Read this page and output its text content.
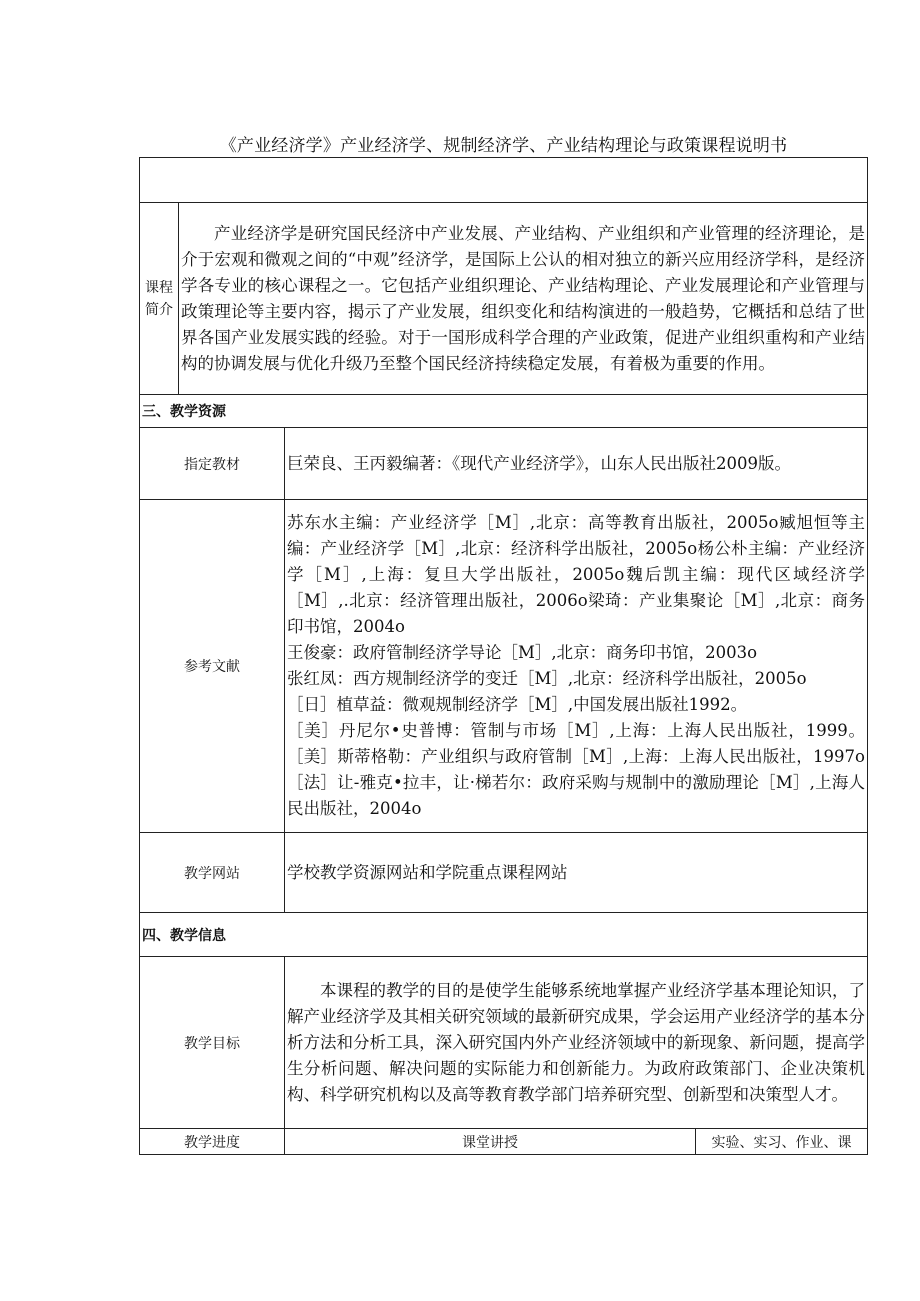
《产业经济学》产业经济学、规制经济学、产业结构理论与政策课程说明书

课程简介	产业经济学是研究国民经济中产业发展、产业结构、产业组织和产业管理的经济理论，是介于宏观和微观之间的“中观”经济学，是国际上公认的相对独立的新兴应用经济学科，是经济学各专业的核心课程之一。它包括产业组织理论、产业结构理论、产业发展理论和产业管理与政策理论等主要内容，揭示了产业发展，组织变化和结构演进的一般趋势，它概括和总结了世界各国产业发展实践的经验。对于一国形成科学合理的产业政策，促进产业组织重构和产业结构的协调发展与优化升级乃至整个国民经济持续稳定发展，有着极为重要的作用。		
三、教学资源			
指定教材		巨荣良、王丙毅编著：《现代产业经济学》，山东人民出版社2009版。	
参考文献		苏东水主编：产业经济学［M］,北京：高等教育出版社，2005o臧旭恒等主编：产业经济学［M］,北京：经济科学出版社，2005o杨公朴主编：产业经济学［M］,上海：复旦大学出版社，2005o魏后凯主编：现代区域经济学［M］,.北京：经济管理出版社，2006o梁琦：产业集聚论［M］,北京：商务印书馆，2004o

王俊豪：政府管制经济学导论［M］,北京：商务印书馆，2003o

张红凤：西方规制经济学的变迁［M］,北京：经济科学出版社，2005o

［日］植草益：微观规制经济学［M］,中国发展出版社1992。

［美］丹尼尔•史普博：管制与市场［M］,上海：上海人民出版社，1999。［美］斯蒂格勒：产业组织与政府管制［M］,上海：上海人民出版社，1997o［法］让-雅克•拉丰，让·梯若尔：政府采购与规制中的激励理论［M］,上海人民出版社，2004o	

教学网站		学校教学资源网站和学院重点课程网站	
四、教学信息			
教学目标		本课程的教学的目的是使学生能够系统地掌握产业经济学基本理论知识，了解产业经济学及其相关研究领域的最新研究成果，学会运用产业经济学的基本分析方法和分析工具，深入研究国内外产业经济领域中的新现象、新问题，提高学生分析问题、解决问题的实际能力和创新能力。为政府政策部门、企业决策机构、科学研究机构以及高等教育教学部门培养研究型、创新型和决策型人才。	
教学进度		课堂讲授	实验、实习、作业、课
